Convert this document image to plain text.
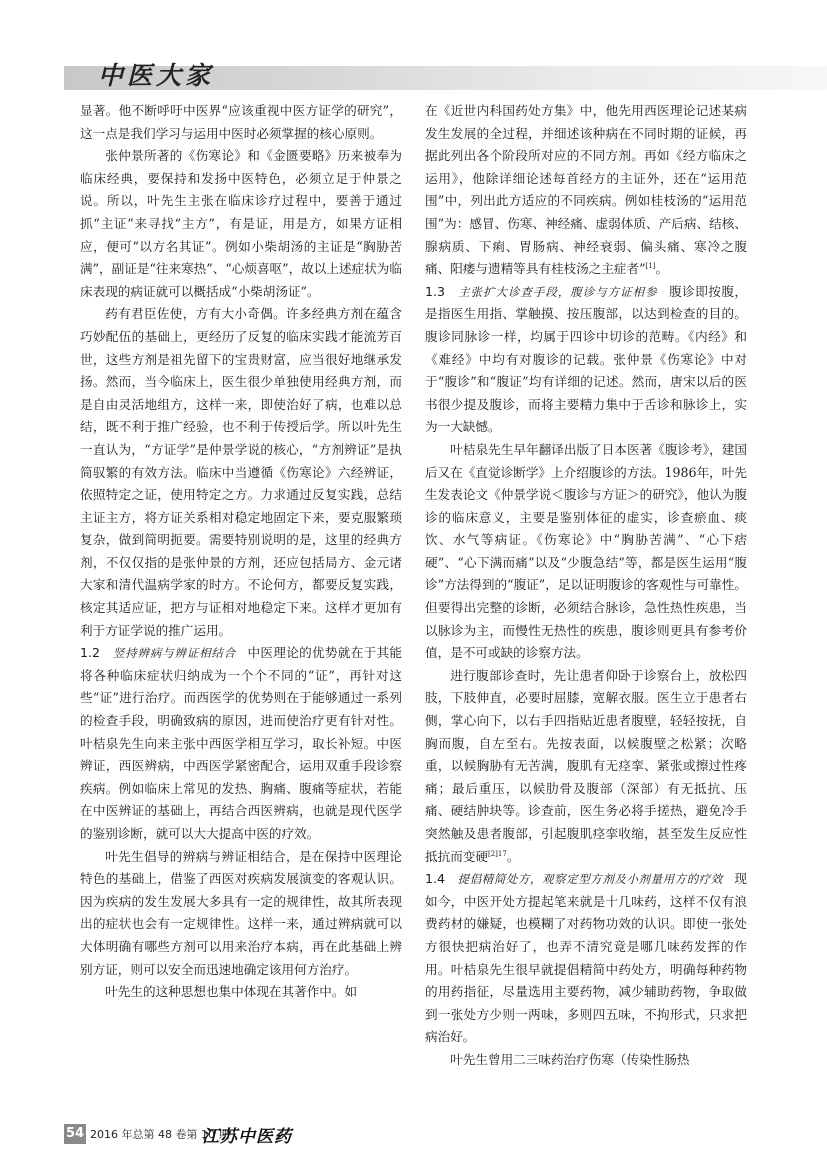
中医大家

显著。他不断呼吁中医界“应该重视中医方证学的研究”，这一点是我们学习与运用中医时必须掌握的核心原则。

张仲景所著的《伤寒论》和《金匮要略》历来被奉为临床经典，要保持和发扬中医特色，必须立足于仲景之说。所以，叶先生主张在临床诊疗过程中，要善于通过抓“主证”来寻找“主方”，有是证，用是方，如果方证相应，便可“以方名其证”。例如小柴胡汤的主证是“胸胁苦满”，副证是“往来寒热”、“心烦喜呕”，故以上述症状为临床表现的病证就可以概括成“小柴胡汤证”。

药有君臣佐使，方有大小奇偶。许多经典方剂在蕴含巧妙配伍的基础上，更经历了反复的临床实践才能流芳百世，这些方剂是祖先留下的宝贵财富，应当很好地继承发扬。然而，当今临床上，医生很少单独使用经典方剂，而是自由灵活地组方，这样一来，即使治好了病，也难以总结，既不利于推广经验，也不利于传授后学。所以叶先生一直认为，“方证学”是仲景学说的核心，“方剂辨证”是执简驭繁的有效方法。临床中当遵循《伤寒论》六经辨证，依照特定之证，使用特定之方。力求通过反复实践，总结主证主方，将方证关系相对稳定地固定下来，要克服繁琐复杂，做到简明扼要。需要特别说明的是，这里的经典方剂，不仅仅指的是张仲景的方剂，还应包括局方、金元诸大家和清代温病学家的时方。不论何方，都要反复实践，核定其适应证，把方与证相对地稳定下来。这样才更加有利于方证学说的推广运用。

1.2  竖持辨病与辨证相结合 中医理论的优势就在于其能将各种临床症状归纳成为一个个不同的“证”，再针对这些“证”进行治疗。而西医学的优势则在于能够通过一系列的检查手段，明确致病的原因，进而使治疗更有针对性。叶桔泉先生向来主张中西医学相互学习，取长补短。中医辨证，西医辨病，中西医学紧密配合，运用双重手段诊察疾病。例如临床上常见的发热、胸痛、腹痛等症状，若能在中医辨证的基础上，再结合西医辨病，也就是现代医学的鉴别诊断，就可以大大提高中医的疗效。

叶先生倡导的辨病与辨证相结合，是在保持中医理论特色的基础上，借鉴了西医对疾病发展演变的客观认识。因为疾病的发生发展大多具有一定的规律性，故其所表现出的症状也会有一定规律性。这样一来，通过辨病就可以大体明确有哪些方剂可以用来治疗本病，再在此基础上辨别方证，则可以安全而迅速地确定该用何方治疗。

叶先生的这种思想也集中体现在其著作中。如

在《近世内科国药处方集》中，他先用西医理论记述某病发生发展的全过程，并细述该种病在不同时期的证候，再据此列出各个阶段所对应的不同方剂。再如《经方临床之运用》，他除详细论述每首经方的主证外，还在“运用范围”中，列出此方适应的不同疾病。例如桂枝汤的“运用范围”为：感冒、伤寒、神经痛、虚弱体质、产后病、结核、腺病质、下痢、胃肠病、神经衰弱、偏头痛、寒冷之腹痛、阳痿与遗精等具有桂枝汤之主症者”[1]。

1.3  主张扩大诊查手段，腹诊与方证相参 腹诊即按腹，是指医生用指、掌触摸、按压腹部，以达到检查的目的。腹诊同脉诊一样，均属于四诊中切诊的范畴。《内经》和《难经》中均有对腹诊的记载。张仲景《伤寒论》中对于“腹诊”和“腹证”均有详细的记述。然而，唐宋以后的医书很少提及腹诊，而将主要精力集中于舌诊和脉诊上，实为一大缺憾。

叶桔泉先生早年翻译出版了日本医著《腹诊考》，建国后又在《直觉诊断学》上介绍腹诊的方法。1986年，叶先生发表论文《仲景学说＜腹诊与方证＞的研究》，他认为腹诊的临床意义，主要是鉴别体征的虚实，诊查瘀血、痰饮、水气等病证。《伤寒论》中“胸胁苦满”、“心下痞硬”、“心下满而痛”以及“少腹急结”等，都是医生运用“腹诊”方法得到的“腹证”，足以证明腹诊的客观性与可靠性。但要得出完整的诊断，必须结合脉诊，急性热性疾患，当以脉诊为主，而慢性无热性的疾患，腹诊则更具有参考价值，是不可或缺的诊察方法。

进行腹部诊查时，先让患者仰卧于诊察台上，放松四肢，下肢伸直，必要时屈膝，宽解衣服。医生立于患者右侧，掌心向下，以右手四指贴近患者腹壁，轻轻按抚，自胸而腹，自左至右。先按表面，以候腹壁之松紧；次略重，以候胸胁有无苦满，腹肌有无痉挛、紧张或擦过性疼痛；最后重压，以候肋骨及腹部（深部）有无抵抗、压痛、硬结肿块等。诊查前，医生务必将手搓热，避免冷手突然触及患者腹部，引起腹肌痉挛收缩，甚至发生反应性抵抗而变硬$^{[2]17}$。

1.4  提倡精简处方，观察定型方剂及小剂量用方的疗效 现如今，中医开处方提起笔来就是十几味药，这样不仅有浪费药材的嫌疑，也模糊了对药物功效的认识。即使一张处方很快把病治好了，也弄不清究竟是哪几味药发挥的作用。叶桔泉先生很早就提倡精简中药处方，明确每种药物的用药指征，尽量选用主要药物，减少辅助药物，争取做到一张处方少则一两味，多则四五味，不拘形式，只求把病治好。

叶先生曾用二三味药治疗伤寒（传染性肠热

54 2016 年总第 48 卷第 10 期
江苏中医药
